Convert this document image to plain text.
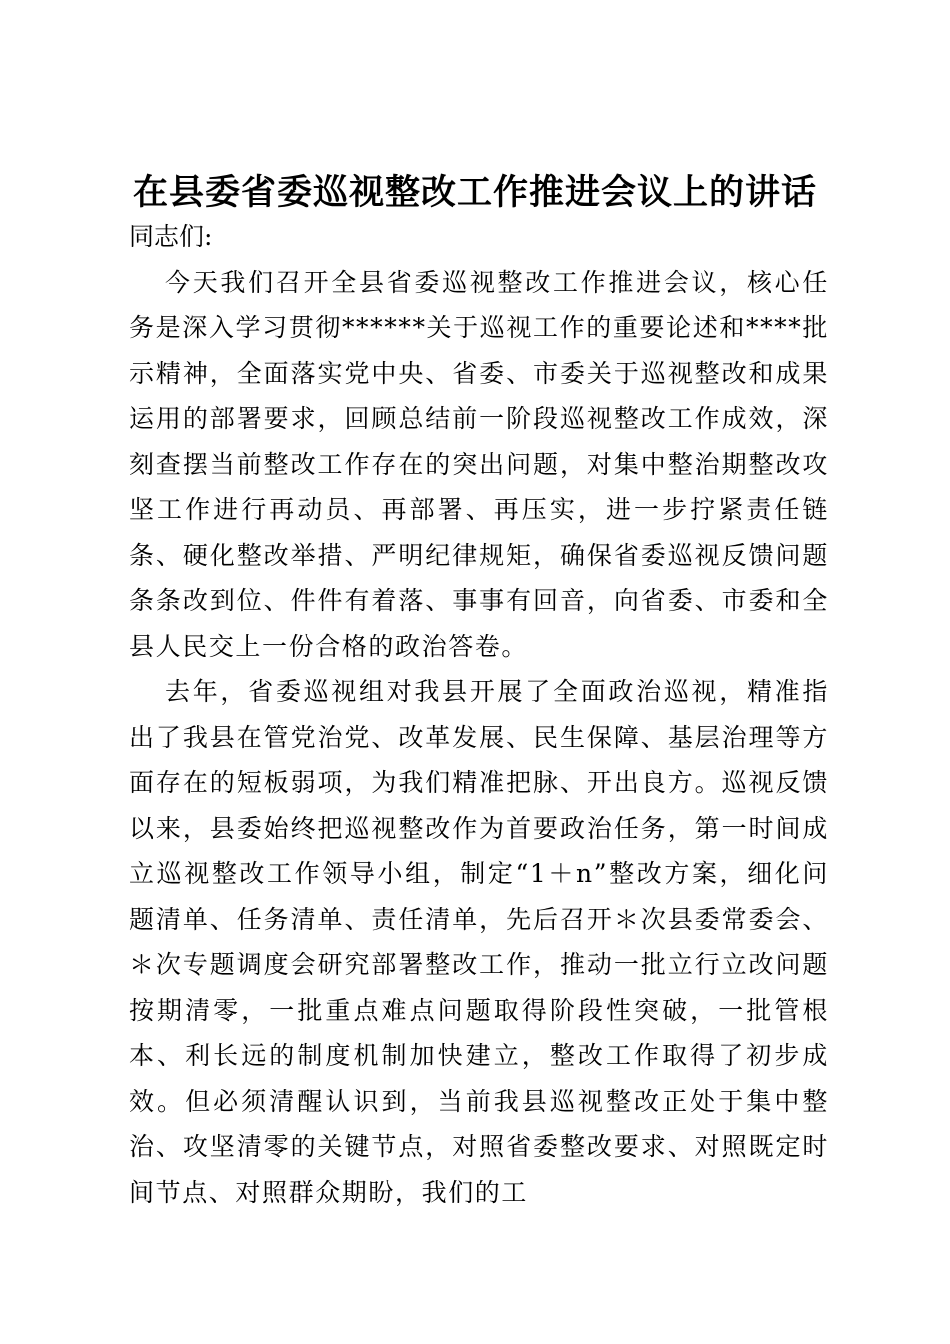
在县委省委巡视整改工作推进会议上的讲话

同志们:

今天我们召开全县省委巡视整改工作推进会议，核心任务是深入学习贯彻******关于巡视工作的重要论述和****批示精神，全面落实党中央、省委、市委关于巡视整改和成果运用的部署要求，回顾总结前一阶段巡视整改工作成效，深刻查摆当前整改工作存在的突出问题，对集中整治期整改攻坚工作进行再动员、再部署、再压实，进一步拧紧责任链条、硬化整改举措、严明纪律规矩，确保省委巡视反馈问题条条改到位、件件有着落、事事有回音，向省委、市委和全县人民交上一份合格的政治答卷。

去年，省委巡视组对我县开展了全面政治巡视，精准指出了我县在管党治党、改革发展、民生保障、基层治理等方面存在的短板弱项，为我们精准把脉、开出良方。巡视反馈以来，县委始终把巡视整改作为首要政治任务，第一时间成立巡视整改工作领导小组，制定“1＋n”整改方案，细化问题清单、任务清单、责任清单，先后召开＊次县委常委会、＊次专题调度会研究部署整改工作，推动一批立行立改问题按期清零，一批重点难点问题取得阶段性突破，一批管根本、利长远的制度机制加快建立，整改工作取得了初步成效。但必须清醒认识到，当前我县巡视整改正处于集中整治、攻坚清零的关键节点，对照省委整改要求、对照既定时间节点、对照群众期盼，我们的工
